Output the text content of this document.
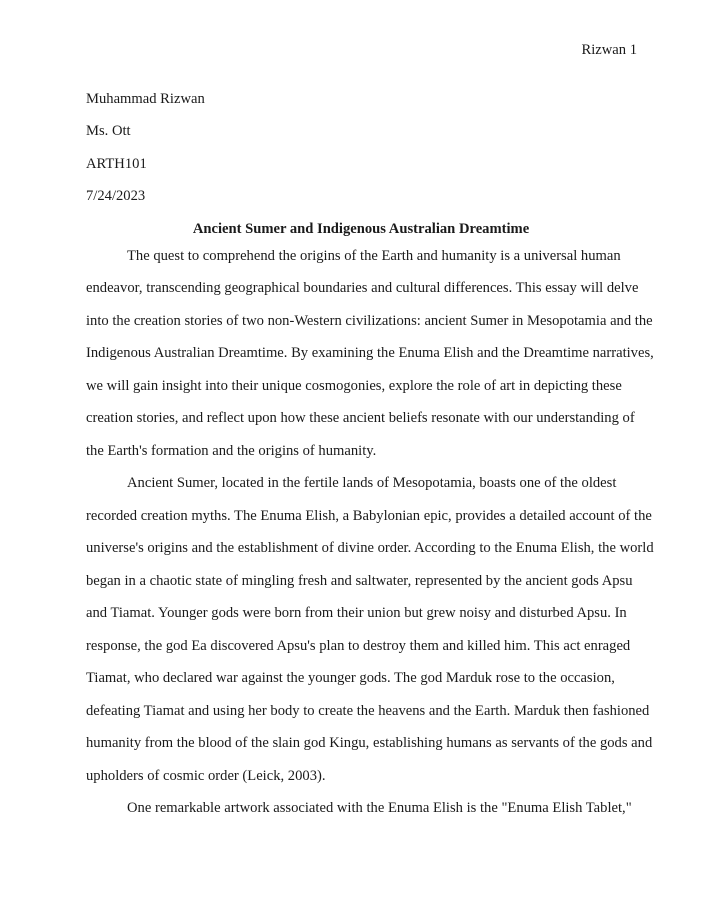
Rizwan 1
Muhammad Rizwan
Ms. Ott
ARTH101
7/24/2023
Ancient Sumer and Indigenous Australian Dreamtime
The quest to comprehend the origins of the Earth and humanity is a universal human
endeavor, transcending geographical boundaries and cultural differences. This essay will delve
into the creation stories of two non-Western civilizations: ancient Sumer in Mesopotamia and the
Indigenous Australian Dreamtime. By examining the Enuma Elish and the Dreamtime narratives,
we will gain insight into their unique cosmogonies, explore the role of art in depicting these
creation stories, and reflect upon how these ancient beliefs resonate with our understanding of
the Earth's formation and the origins of humanity.
Ancient Sumer, located in the fertile lands of Mesopotamia, boasts one of the oldest
recorded creation myths. The Enuma Elish, a Babylonian epic, provides a detailed account of the
universe's origins and the establishment of divine order. According to the Enuma Elish, the world
began in a chaotic state of mingling fresh and saltwater, represented by the ancient gods Apsu
and Tiamat. Younger gods were born from their union but grew noisy and disturbed Apsu. In
response, the god Ea discovered Apsu's plan to destroy them and killed him. This act enraged
Tiamat, who declared war against the younger gods. The god Marduk rose to the occasion,
defeating Tiamat and using her body to create the heavens and the Earth. Marduk then fashioned
humanity from the blood of the slain god Kingu, establishing humans as servants of the gods and
upholders of cosmic order (Leick, 2003).
One remarkable artwork associated with the Enuma Elish is the "Enuma Elish Tablet,"
